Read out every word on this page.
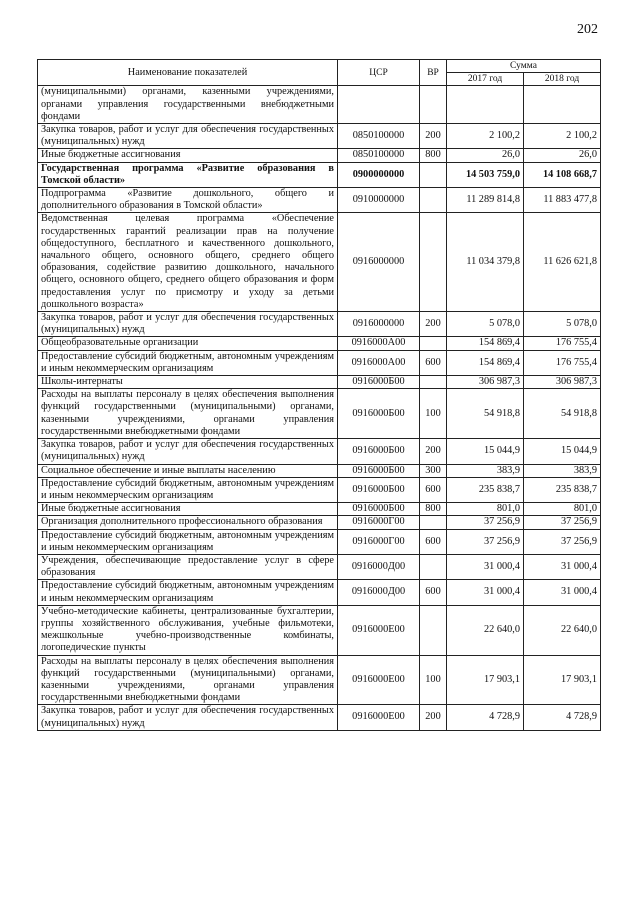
202
Наименование показателей	ЦСР	ВР	Сумма	
			2017 год	2018 год
(муниципальными) органами, казенными учреждениями, органами управления государственными внебюджетными фондами				
Закупка товаров, работ и услуг для обеспечения государственных (муниципальных) нужд	0850100000	200	2 100,2	2 100,2
Иные бюджетные ассигнования	0850100000	800	26,0	26,0
Государственная программа «Развитие образования в Томской области»	0900000000		14 503 759,0	14 108 668,7
Подпрограмма «Развитие дошкольного, общего и дополнительного образования в Томской области»	0910000000		11 289 814,8	11 883 477,8
Ведомственная целевая программа «Обеспечение государственных гарантий реализации прав на получение общедоступного, бесплатного и качественного дошкольного, начального общего, основного общего, среднего общего образования, содействие развитию дошкольного, начального общего, основного общего, среднего общего образования и форм предоставления услуг по присмотру и уходу за детьми дошкольного возраста»	0916000000		11 034 379,8	11 626 621,8
Закупка товаров, работ и услуг для обеспечения государственных (муниципальных) нужд	0916000000	200	5 078,0	5 078,0
Общеобразовательные организации	0916000А00		154 869,4	176 755,4
Предоставление субсидий бюджетным, автономным учреждениям и иным некоммерческим организациям	0916000А00	600	154 869,4	176 755,4
Школы-интернаты	0916000Б00		306 987,3	306 987,3
Расходы на выплаты персоналу в целях обеспечения выполнения функций государственными (муниципальными) органами, казенными учреждениями, органами управления государственными внебюджетными фондами	0916000Б00	100	54 918,8	54 918,8
Закупка товаров, работ и услуг для обеспечения государственных (муниципальных) нужд	0916000Б00	200	15 044,9	15 044,9
Социальное обеспечение и иные выплаты населению	0916000Б00	300	383,9	383,9
Предоставление субсидий бюджетным, автономным учреждениям и иным некоммерческим организациям	0916000Б00	600	235 838,7	235 838,7
Иные бюджетные ассигнования	0916000Б00	800	801,0	801,0
Организация дополнительного профессионального образования	0916000Г00		37 256,9	37 256,9
Предоставление субсидий бюджетным, автономным учреждениям и иным некоммерческим организациям	0916000Г00	600	37 256,9	37 256,9
Учреждения, обеспечивающие предоставление услуг в сфере образования	0916000Д00		31 000,4	31 000,4
Предоставление субсидий бюджетным, автономным учреждениям и иным некоммерческим организациям	0916000Д00	600	31 000,4	31 000,4
Учебно-методические кабинеты, централизованные бухгалтерии, группы хозяйственного обслуживания, учебные фильмотеки, межшкольные учебно-производственные комбинаты, логопедические пункты	0916000Е00		22 640,0	22 640,0
Расходы на выплаты персоналу в целях обеспечения выполнения функций государственными (муниципальными) органами, казенными учреждениями, органами управления государственными внебюджетными фондами	0916000Е00	100	17 903,1	17 903,1
Закупка товаров, работ и услуг для обеспечения государственных (муниципальных) нужд	0916000Е00	200	4 728,9	4 728,9
